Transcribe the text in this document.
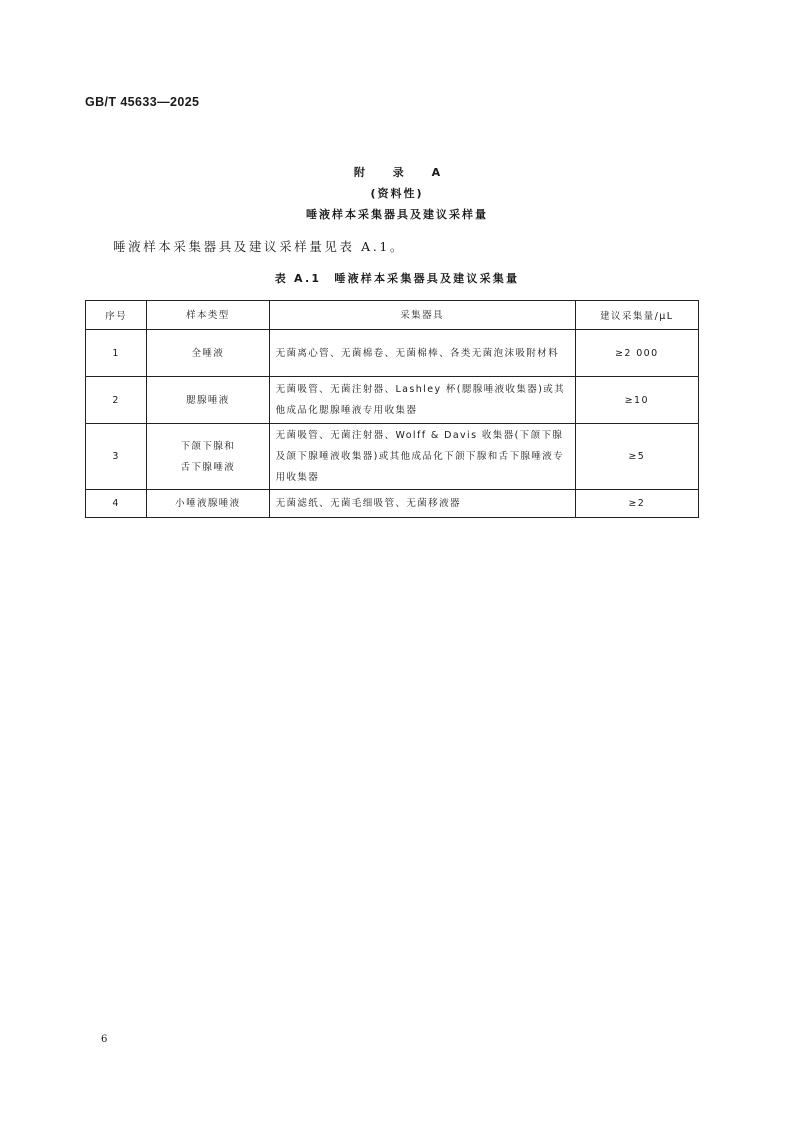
GB/T 45633—2025
附 录 A
(资料性)
唾液样本采集器具及建议采样量
唾液样本采集器具及建议采样量见表 A.1。
表 A.1　唾液样本采集器具及建议采集量
序号	样本类型	采集器具	建议采集量/μL
1	全唾液	无菌离心管、无菌棉卷、无菌棉棒、各类无菌泡沫吸附材料	≥2 000
2	腮腺唾液	无菌吸管、无菌注射器、Lashley 杯(腮腺唾液收集器)或其他成品化腮腺唾液专用收集器	≥10
3	下颌下腺和
舌下腺唾液	无菌吸管、无菌注射器、Wolff & Davis 收集器(下颌下腺及颌下腺唾液收集器)或其他成品化下颌下腺和舌下腺唾液专用收集器	≥5
4	小唾液腺唾液	无菌滤纸、无菌毛细吸管、无菌移液器	≥2
6
